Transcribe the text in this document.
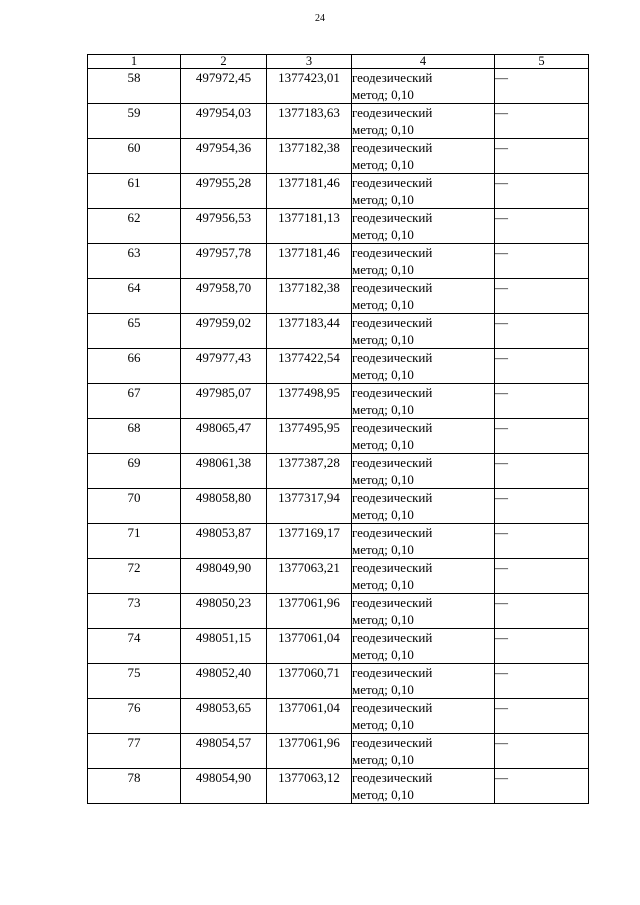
24
1	2	3	4	5
58	497972,45	1377423,01	геодезический
метод; 0,10	—
59	497954,03	1377183,63	геодезический
метод; 0,10	—
60	497954,36	1377182,38	геодезический
метод; 0,10	—
61	497955,28	1377181,46	геодезический
метод; 0,10	—
62	497956,53	1377181,13	геодезический
метод; 0,10	—
63	497957,78	1377181,46	геодезический
метод; 0,10	—
64	497958,70	1377182,38	геодезический
метод; 0,10	—
65	497959,02	1377183,44	геодезический
метод; 0,10	—
66	497977,43	1377422,54	геодезический
метод; 0,10	—
67	497985,07	1377498,95	геодезический
метод; 0,10	—
68	498065,47	1377495,95	геодезический
метод; 0,10	—
69	498061,38	1377387,28	геодезический
метод; 0,10	—
70	498058,80	1377317,94	геодезический
метод; 0,10	—
71	498053,87	1377169,17	геодезический
метод; 0,10	—
72	498049,90	1377063,21	геодезический
метод; 0,10	—
73	498050,23	1377061,96	геодезический
метод; 0,10	—
74	498051,15	1377061,04	геодезический
метод; 0,10	—
75	498052,40	1377060,71	геодезический
метод; 0,10	—
76	498053,65	1377061,04	геодезический
метод; 0,10	—
77	498054,57	1377061,96	геодезический
метод; 0,10	—
78	498054,90	1377063,12	геодезический
метод; 0,10	—
